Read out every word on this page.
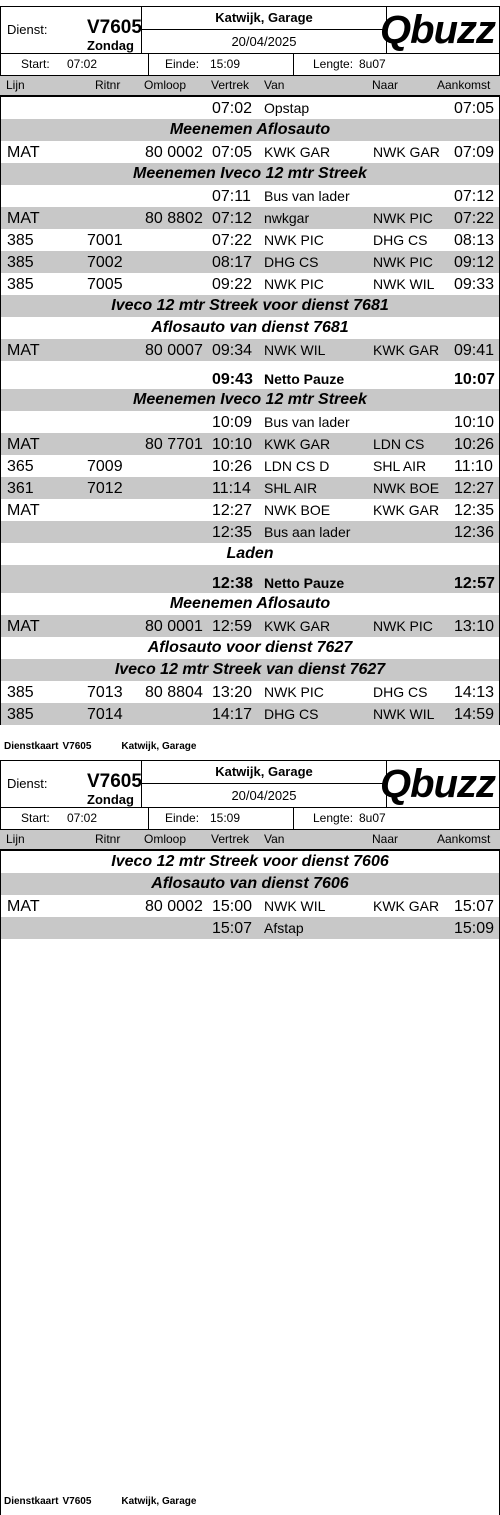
Dienst: V7605
Zondag
Katwijk, Garage
20/04/2025	Qbuzz
Start: 07:02	Einde: 15:09	Lengte: 8u07
Lijn	Ritnr Omloop Vertrek Van	Naar	Aankomst
07:02 Opstap	07:05
Meenemen Aflosauto
MAT	80 0002 07:05 KWK GAR	NWK GAR 07:09
Meenemen Iveco 12 mtr Streek
07:11 Bus van lader	07:12
MAT	80 8802 07:12 nwkgar	NWK PIC 07:22
385	7001	07:22 NWK PIC	DHG CS 08:13
385	7002	08:17 DHG CS	NWK PIC 09:12
385	7005	09:22 NWK PIC	NWK WIL 09:33
Iveco 12 mtr Streek voor dienst 7681
Aflosauto van dienst 7681
MAT	80 0007 09:34 NWK WIL	KWK GAR 09:41
09:43 Netto Pauze	10:07
Meenemen Iveco 12 mtr Streek
10:09 Bus van lader	10:10
MAT	80 7701 10:10 KWK GAR	LDN CS 10:26
365	7009	10:26 LDN CS D	SHL AIR 11:10
361	7012	11:14 SHL AIR	NWK BOE 12:27
MAT	12:27 NWK BOE	KWK GAR 12:35
12:35 Bus aan lader	12:36
Laden
12:38 Netto Pauze	12:57
Meenemen Aflosauto
MAT	80 0001 12:59 KWK GAR	NWK PIC 13:10
Aflosauto voor dienst 7627
Iveco 12 mtr Streek van dienst 7627
385	7013 80 8804 13:20 NWK PIC	DHG CS 14:13
385	7014	14:17 DHG CS	NWK WIL 14:59
Dienstkaart V7605	Katwijk, Garage
Dienst: V7605
Zondag
Katwijk, Garage
20/04/2025	Qbuzz
Start: 07:02	Einde: 15:09	Lengte: 8u07
Lijn	Ritnr Omloop Vertrek Van	Naar	Aankomst
Iveco 12 mtr Streek voor dienst 7606
Aflosauto van dienst 7606
MAT	80 0002 15:00 NWK WIL	KWK GAR 15:07
15:07 Afstap	15:09
Dienstkaart V7605	Katwijk, Garage
